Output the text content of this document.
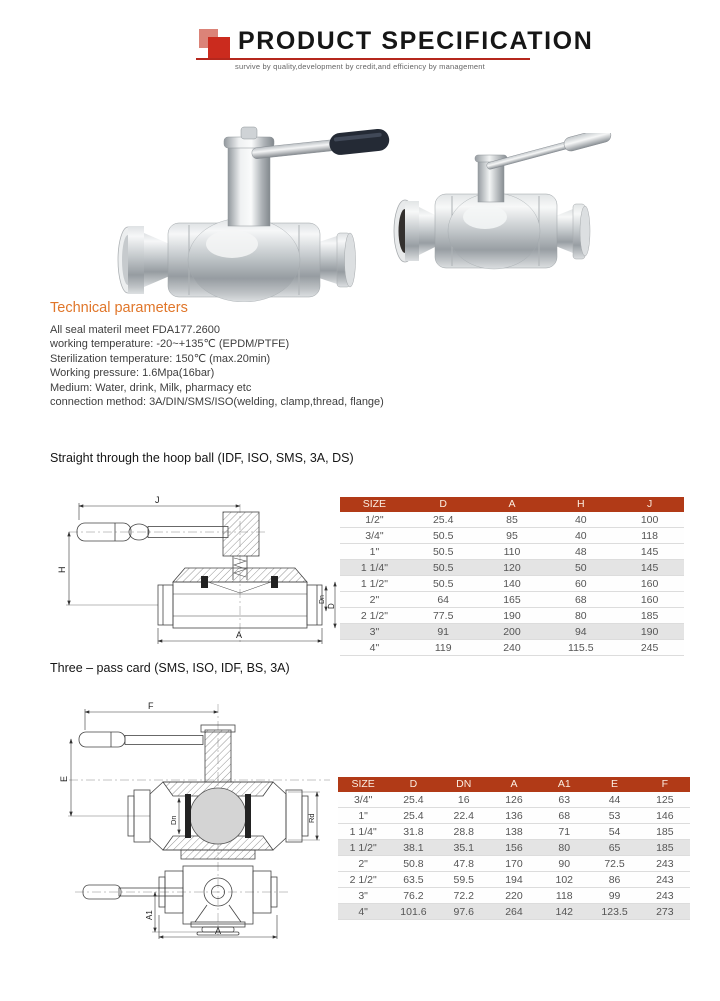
PRODUCT SPECIFICATION
survive by quality,development by credit,and efficiency by management
Technical parameters

All seal materil meet FDA177.2600

working temperature: -20~+135℃ (EPDM/PTFE)

Sterilization temperature: 150℃ (max.20min)

Working pressure: 1.6Mpa(16bar)

Medium: Water, drink, Milk, pharmacy etc

connection method: 3A/DIN/SMS/ISO(welding, clamp,thread, flange)

Straight through the hoop ball (IDF, ISO, SMS, 3A, DS)
J
H
Dn
D
A
SIZE	D	A	H	J
1/2"	25.4	85	40	100
3/4"	50.5	95	40	118
1"	50.5	110	48	145
1 1/4"	50.5	120	50	145
1 1/2"	50.5	140	60	160
2"	64	165	68	160
2 1/2"	77.5	190	80	185
3"	91	200	94	190
4"	119	240	115.5	245
Three – pass card (SMS, ISO, IDF, BS, 3A)
F
E
Dn	Rd
A1
A
SIZE	D	DN	A	A1	E	F
3/4"	25.4	16	126	63	44	125
1"	25.4	22.4	136	68	53	146
1 1/4"	31.8	28.8	138	71	54	185
1 1/2"	38.1	35.1	156	80	65	185
2"	50.8	47.8	170	90	72.5	243
2 1/2"	63.5	59.5	194	102	86	243
3"	76.2	72.2	220	118	99	243
4"	101.6	97.6	264	142	123.5	273
